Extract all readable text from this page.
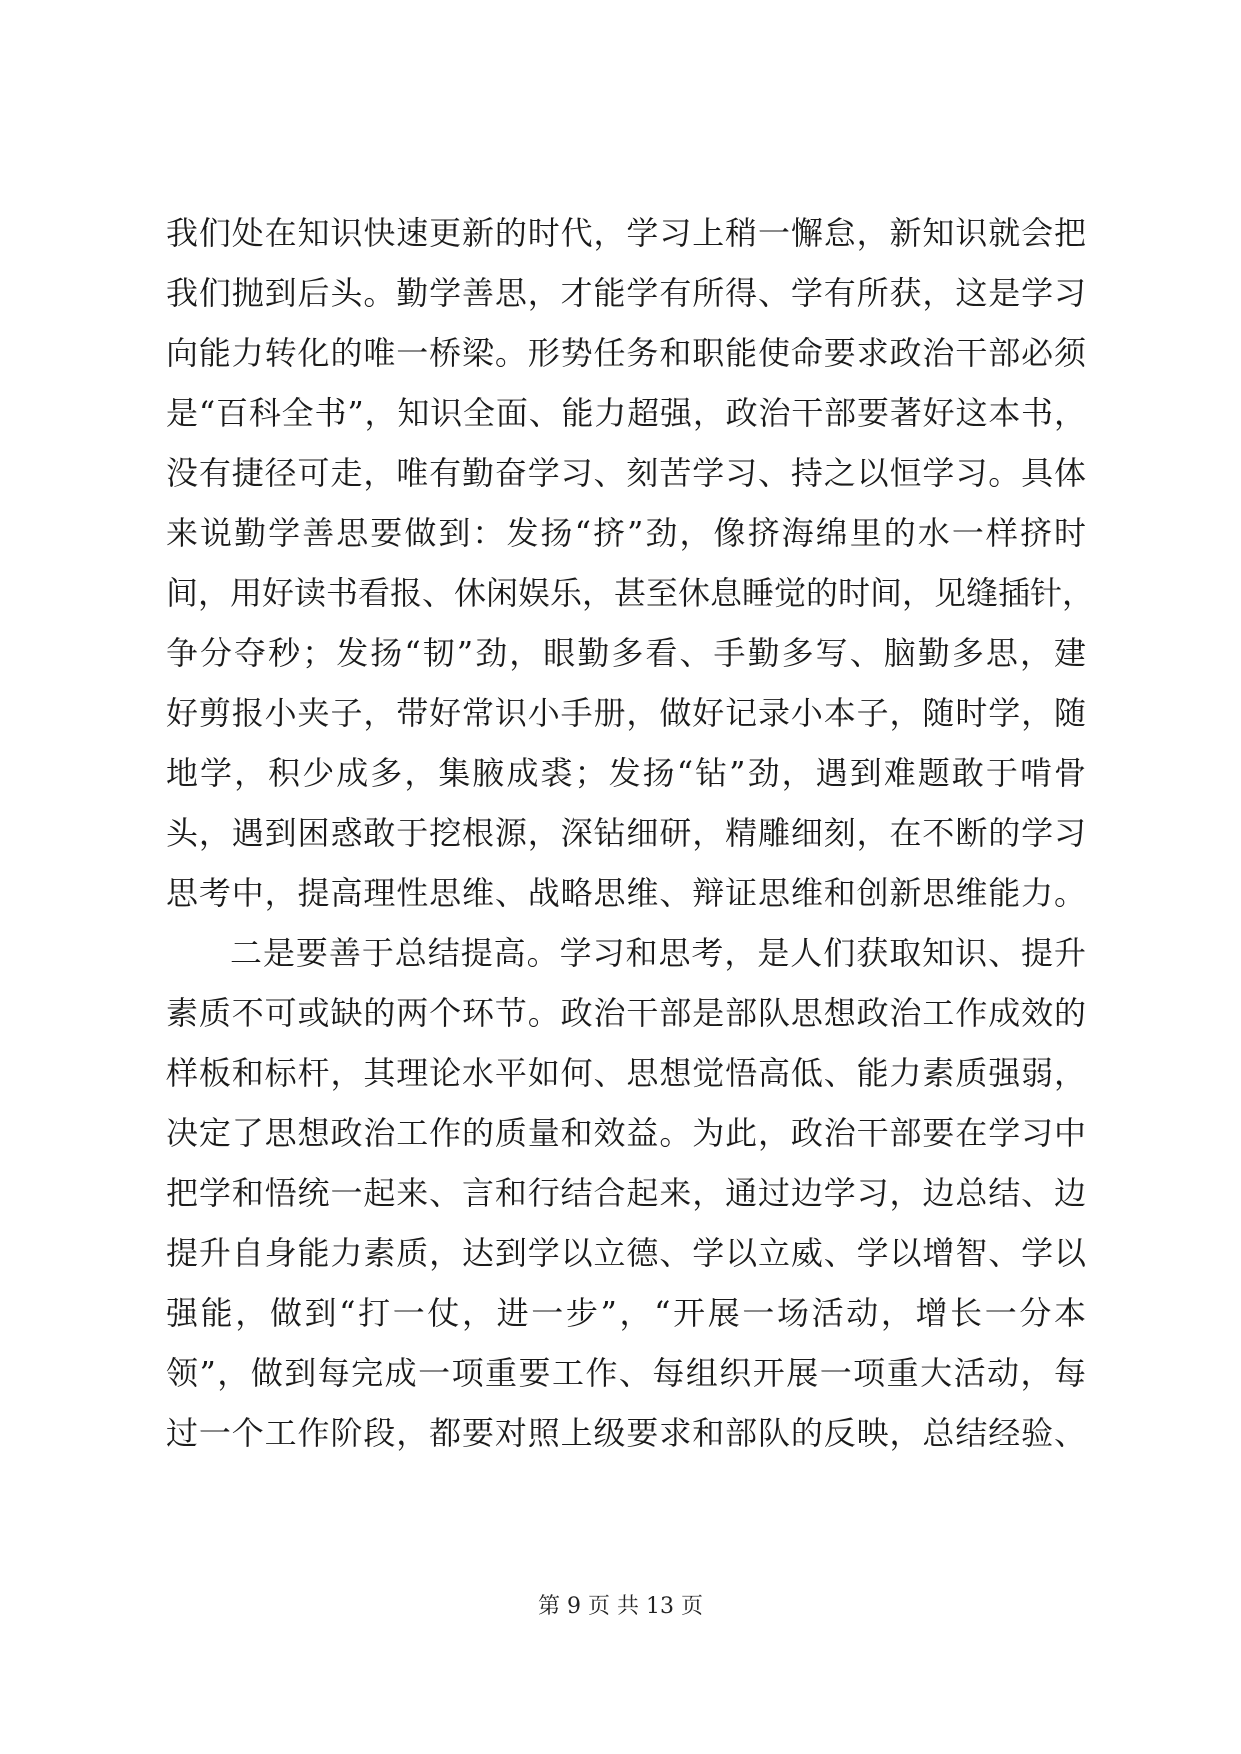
我们处在知识快速更新的时代，学习上稍一懈怠，新知识就会把
我们抛到后头。勤学善思，才能学有所得、学有所获，这是学习
向能力转化的唯一桥梁。形势任务和职能使命要求政治干部必须
是“百科全书”，知识全面、能力超强，政治干部要著好这本书，
没有捷径可走，唯有勤奋学习、刻苦学习、持之以恒学习。具体
来说勤学善思要做到：发扬“挤”劲，像挤海绵里的水一样挤时
间，用好读书看报、休闲娱乐，甚至休息睡觉的时间，见缝插针，
争分夺秒；发扬“韧”劲，眼勤多看、手勤多写、脑勤多思，建
好剪报小夹子，带好常识小手册，做好记录小本子，随时学，随
地学，积少成多，集腋成裘；发扬“钻”劲，遇到难题敢于啃骨
头，遇到困惑敢于挖根源，深钻细研，精雕细刻，在不断的学习
思考中，提高理性思维、战略思维、辩证思维和创新思维能力。
二是要善于总结提高。学习和思考，是人们获取知识、提升
素质不可或缺的两个环节。政治干部是部队思想政治工作成效的
样板和标杆，其理论水平如何、思想觉悟高低、能力素质强弱，
决定了思想政治工作的质量和效益。为此，政治干部要在学习中
把学和悟统一起来、言和行结合起来，通过边学习，边总结、边
提升自身能力素质，达到学以立德、学以立威、学以增智、学以
强能，做到“打一仗，进一步”，“开展一场活动，增长一分本
领”，做到每完成一项重要工作、每组织开展一项重大活动，每
过一个工作阶段，都要对照上级要求和部队的反映，总结经验、
第 9 页 共 13 页
